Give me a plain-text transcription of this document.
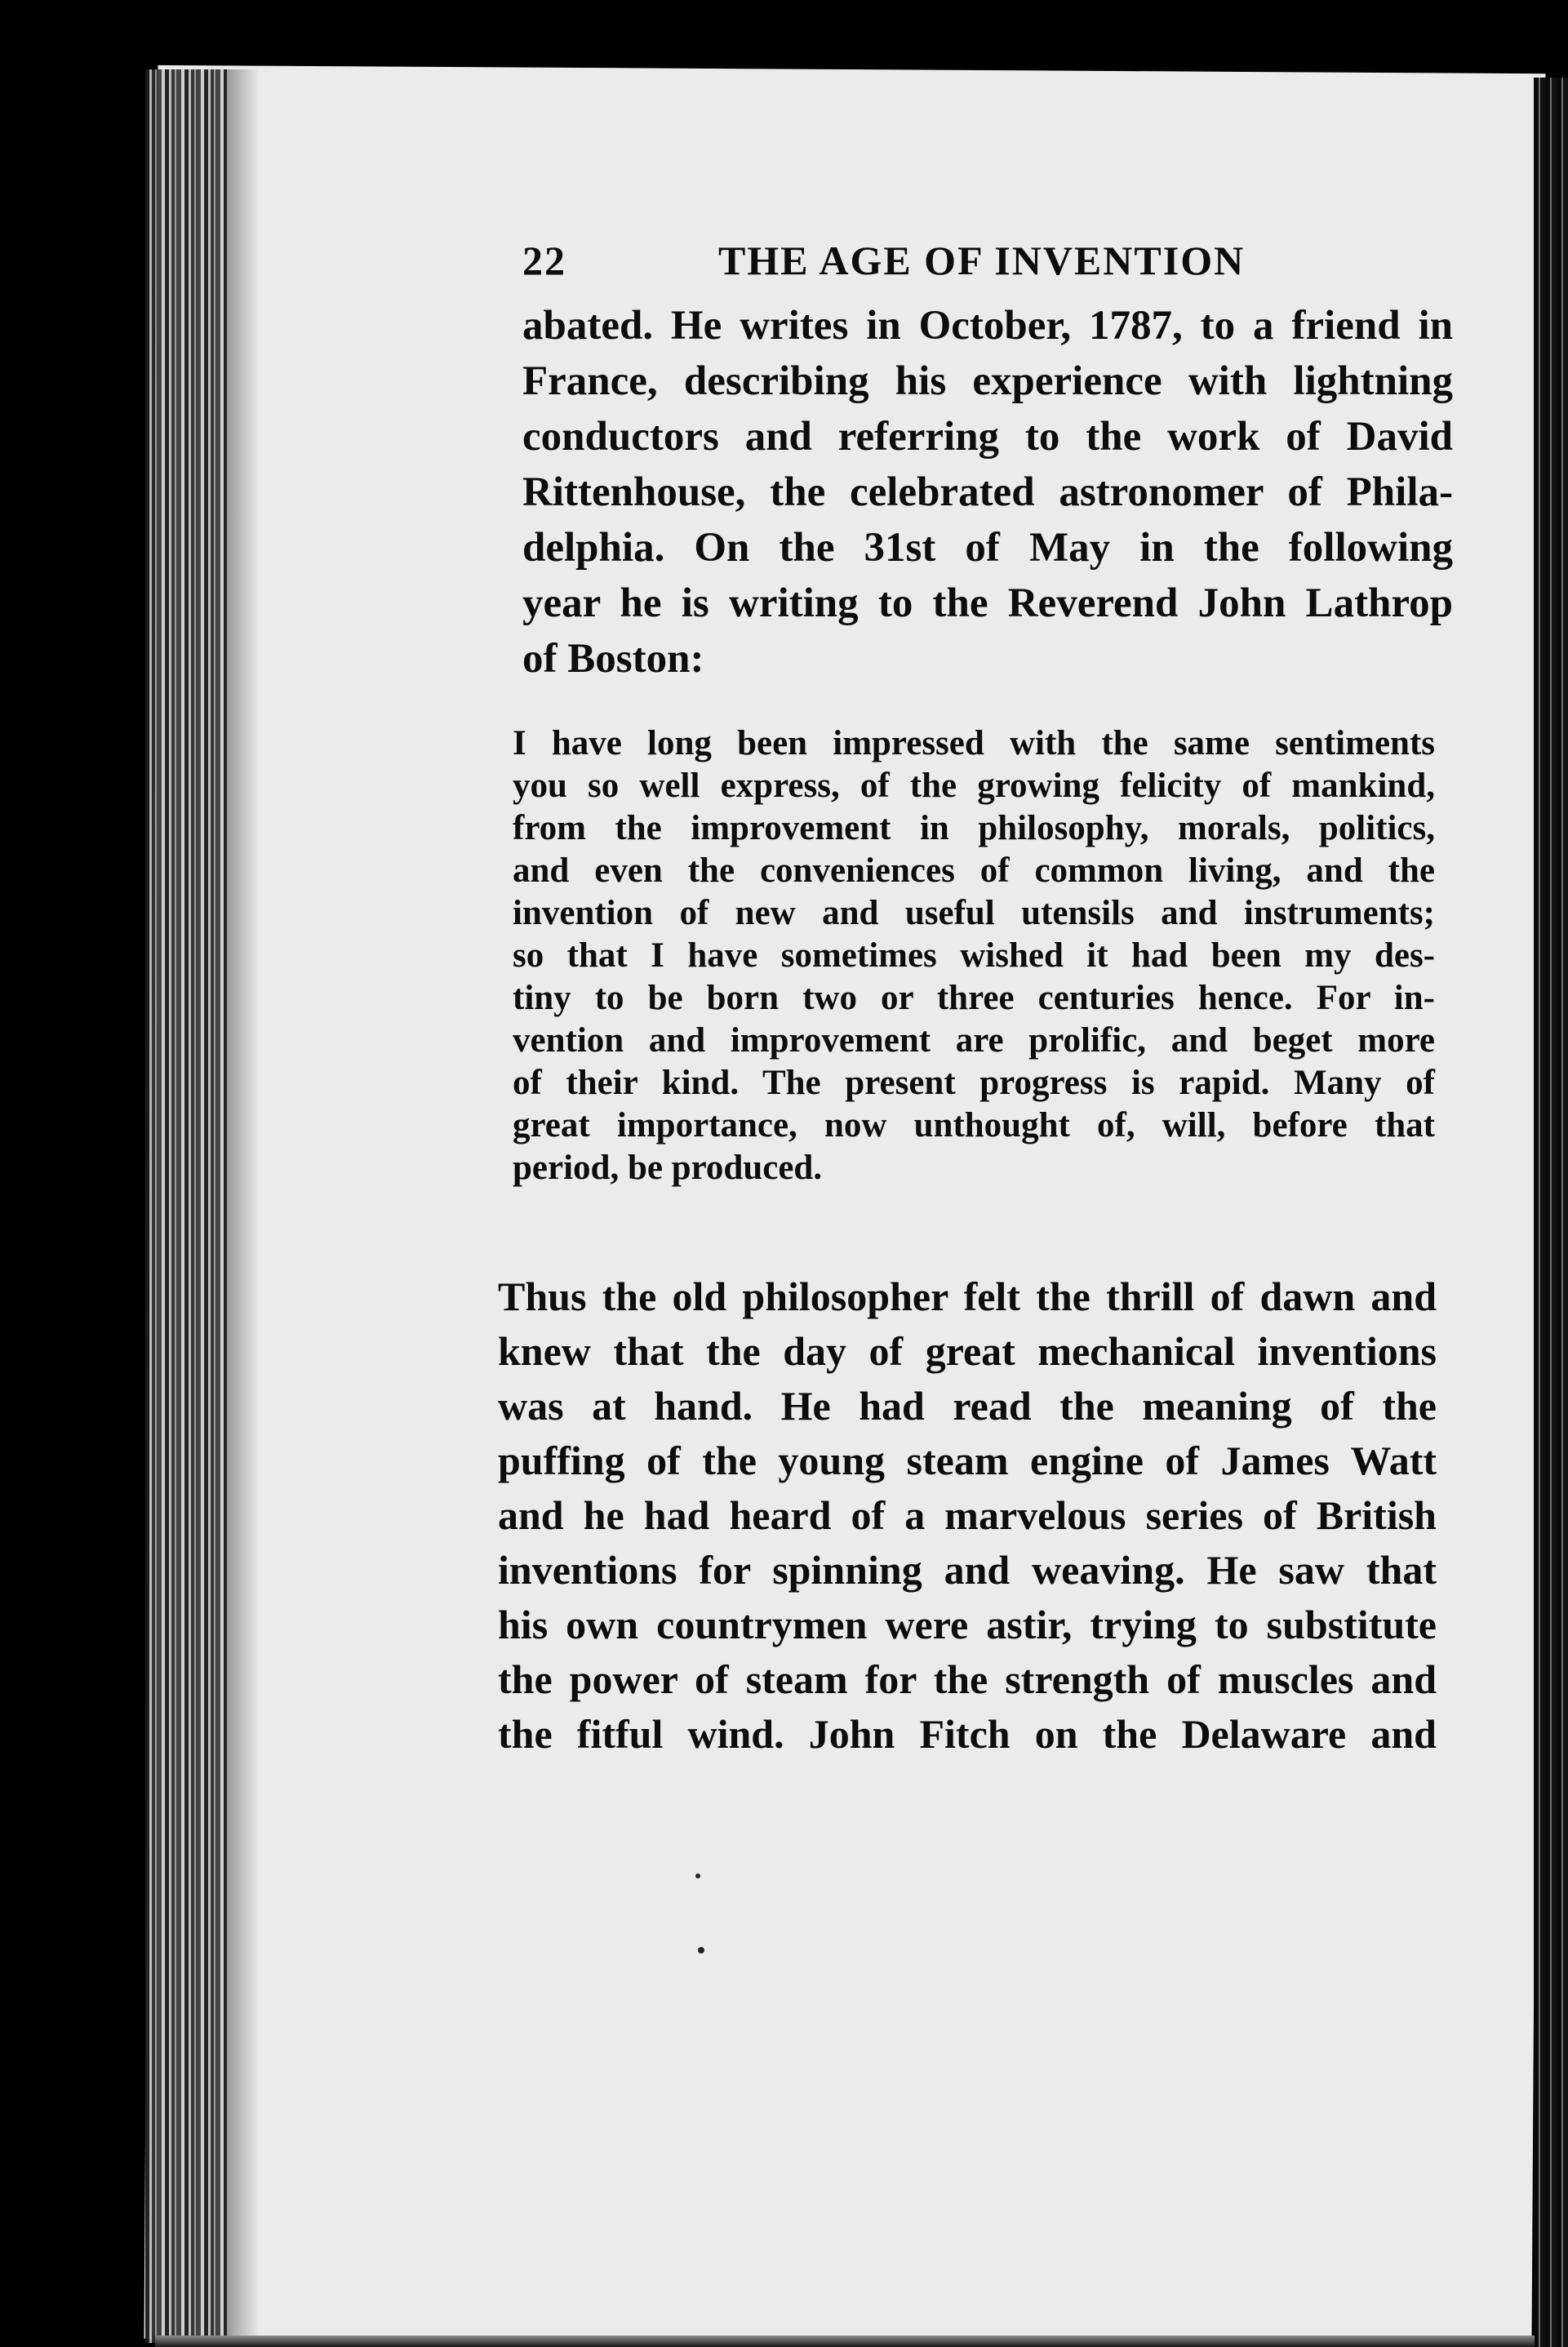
22	THE AGE OF INVENTION
abated. He writes in October, 1787, to a friend in
France, describing his experience with lightning
conductors and referring to the work of David
Rittenhouse, the celebrated astronomer of Phila-
delphia. On the 31st of May in the following
year he is writing to the Reverend John Lathrop
of Boston:
I have long been impressed with the same sentiments
you so well express, of the growing felicity of mankind,
from the improvement in philosophy, morals, politics,
and even the conveniences of common living, and the
invention of new and useful utensils and instruments;
so that I have sometimes wished it had been my des-
tiny to be born two or three centuries hence. For in-
vention and improvement are prolific, and beget more
of their kind. The present progress is rapid. Many of
great importance, now unthought of, will, before that
period, be produced.
Thus the old philosopher felt the thrill of dawn and
knew that the day of great mechanical inventions
was at hand. He had read the meaning of the
puffing of the young steam engine of James Watt
and he had heard of a marvelous series of British
inventions for spinning and weaving. He saw that
his own countrymen were astir, trying to substitute
the power of steam for the strength of muscles and
the fitful wind. John Fitch on the Delaware and
